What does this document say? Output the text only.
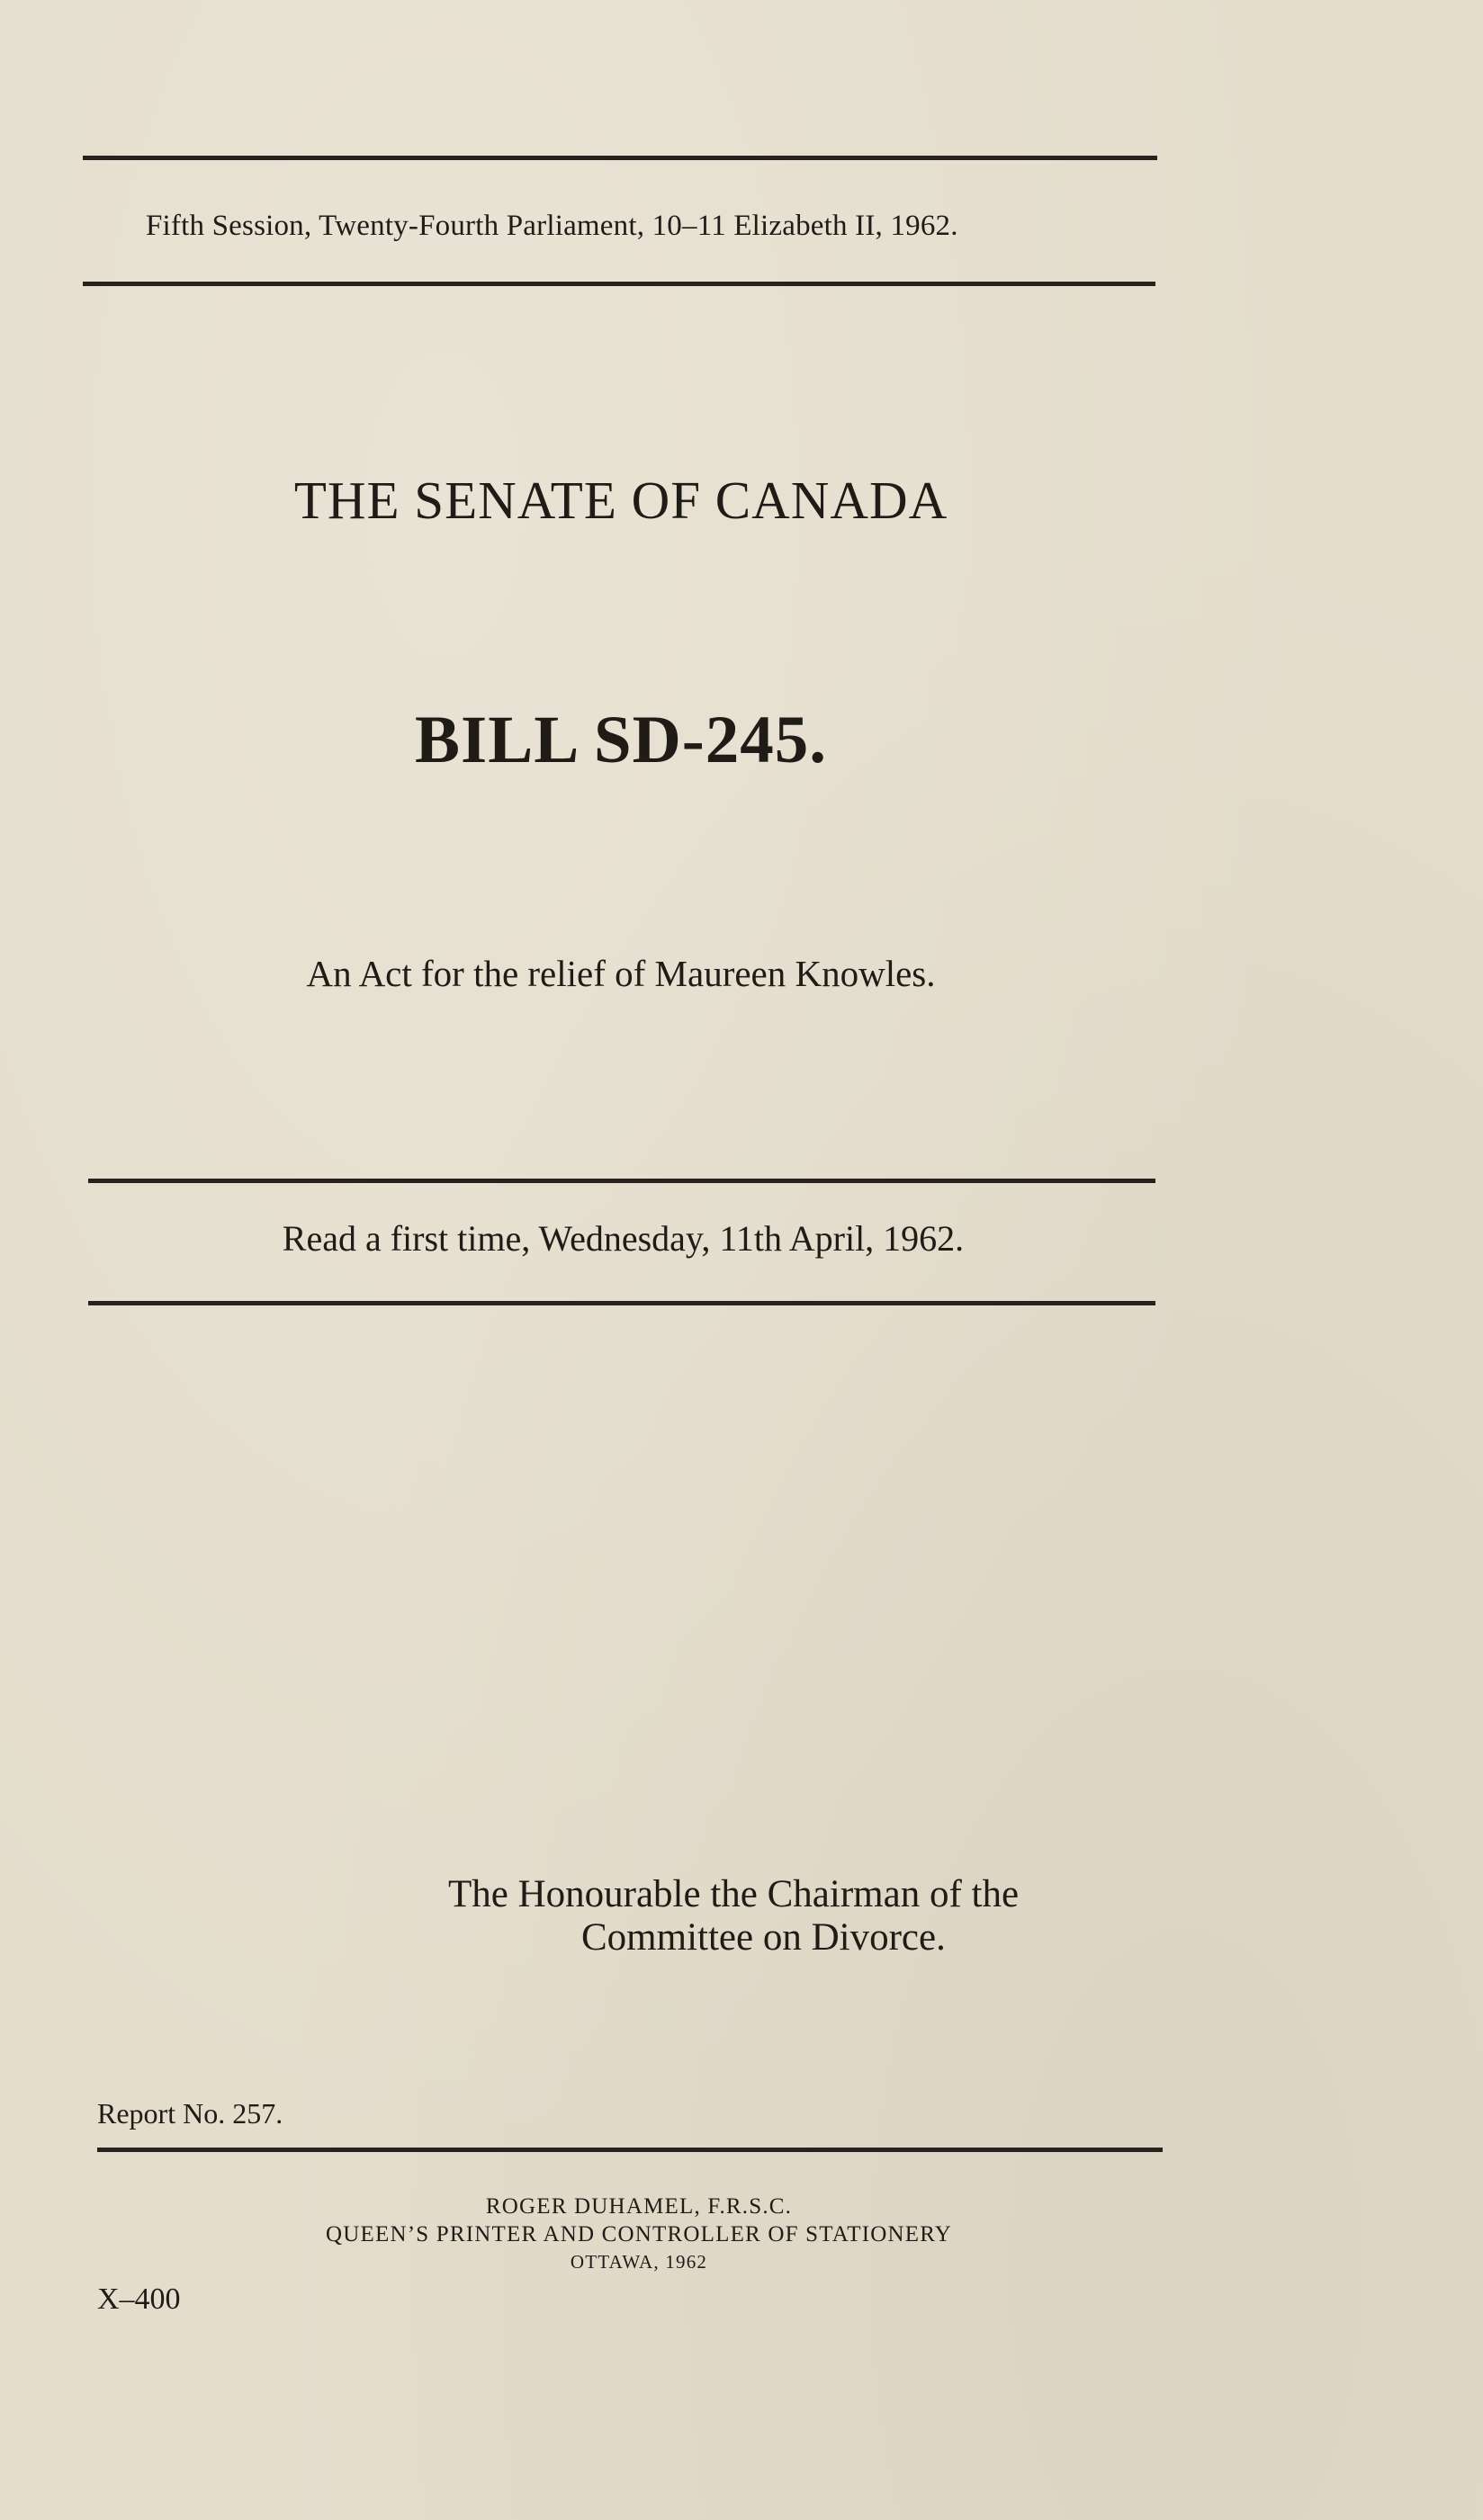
Fifth Session, Twenty-Fourth Parliament, 10–11 Elizabeth II, 1962.
THE SENATE OF CANADA
BILL SD-245.
An Act for the relief of Maureen Knowles.
Read a first time, Wednesday, 11th April, 1962.
The Honourable the Chairman of the
Committee on Divorce.
Report No. 257.
ROGER DUHAMEL, F.R.S.C.
QUEEN’S PRINTER AND CONTROLLER OF STATIONERY
OTTAWA, 1962
X–400
